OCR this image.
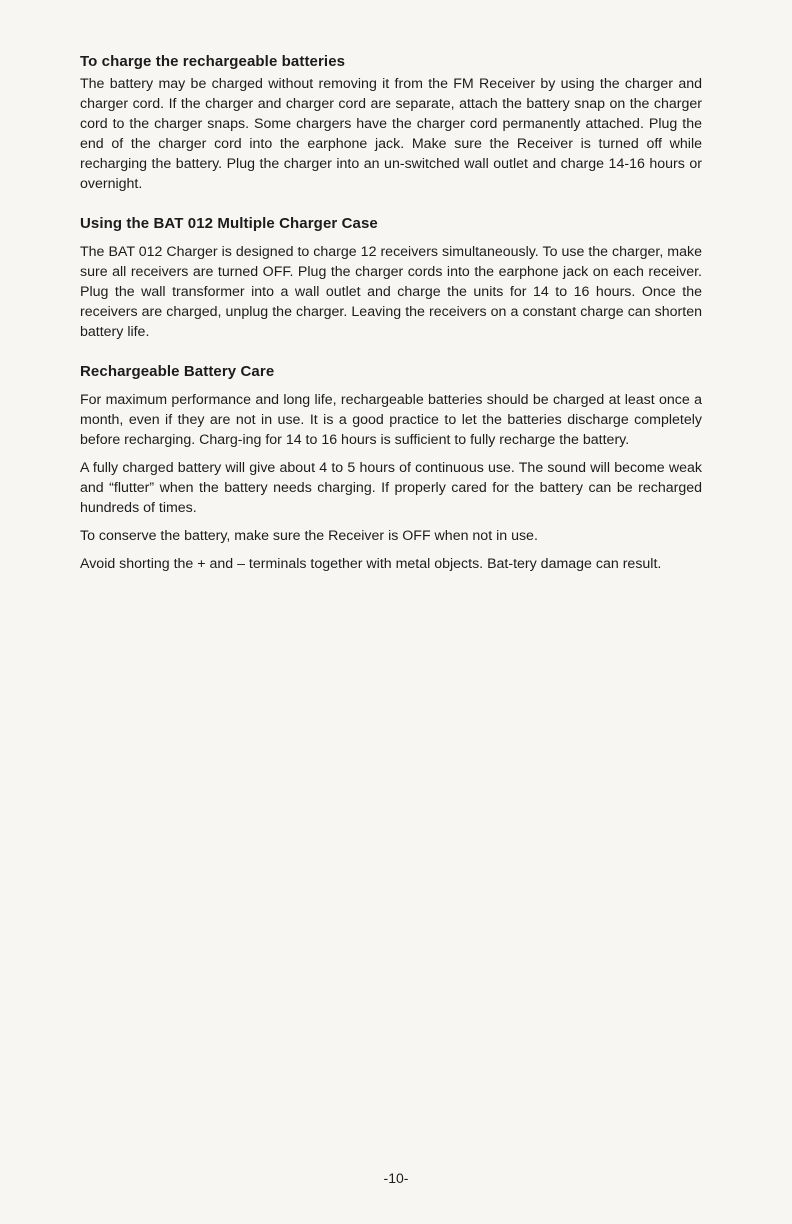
To charge the rechargeable batteries

The battery may be charged without removing it from the FM Receiver by using the charger and charger cord. If the charger and charger cord are separate, attach the battery snap on the charger cord to the charger snaps. Some chargers have the charger cord permanently attached. Plug the end of the charger cord into the earphone jack. Make sure the Receiver is turned off while recharging the battery. Plug the charger into an un-switched wall outlet and charge 14-16 hours or overnight.

Using the BAT 012 Multiple Charger Case

The BAT 012 Charger is designed to charge 12 receivers simultaneously. To use the charger, make sure all receivers are turned OFF. Plug the charger cords into the earphone jack on each receiver. Plug the wall transformer into a wall outlet and charge the units for 14 to 16 hours. Once the receivers are charged, unplug the charger. Leaving the receivers on a constant charge can shorten battery life.

Rechargeable Battery Care

For maximum performance and long life, rechargeable batteries should be charged at least once a month, even if they are not in use. It is a good practice to let the batteries discharge completely before recharging. Charg-ing for 14 to 16 hours is sufficient to fully recharge the battery.

A fully charged battery will give about 4 to 5 hours of continuous use. The sound will become weak and “flutter” when the battery needs charging. If properly cared for the battery can be recharged hundreds of times.

To conserve the battery, make sure the Receiver is OFF when not in use.

Avoid shorting the + and – terminals together with metal objects. Bat-tery damage can result.

-10-
